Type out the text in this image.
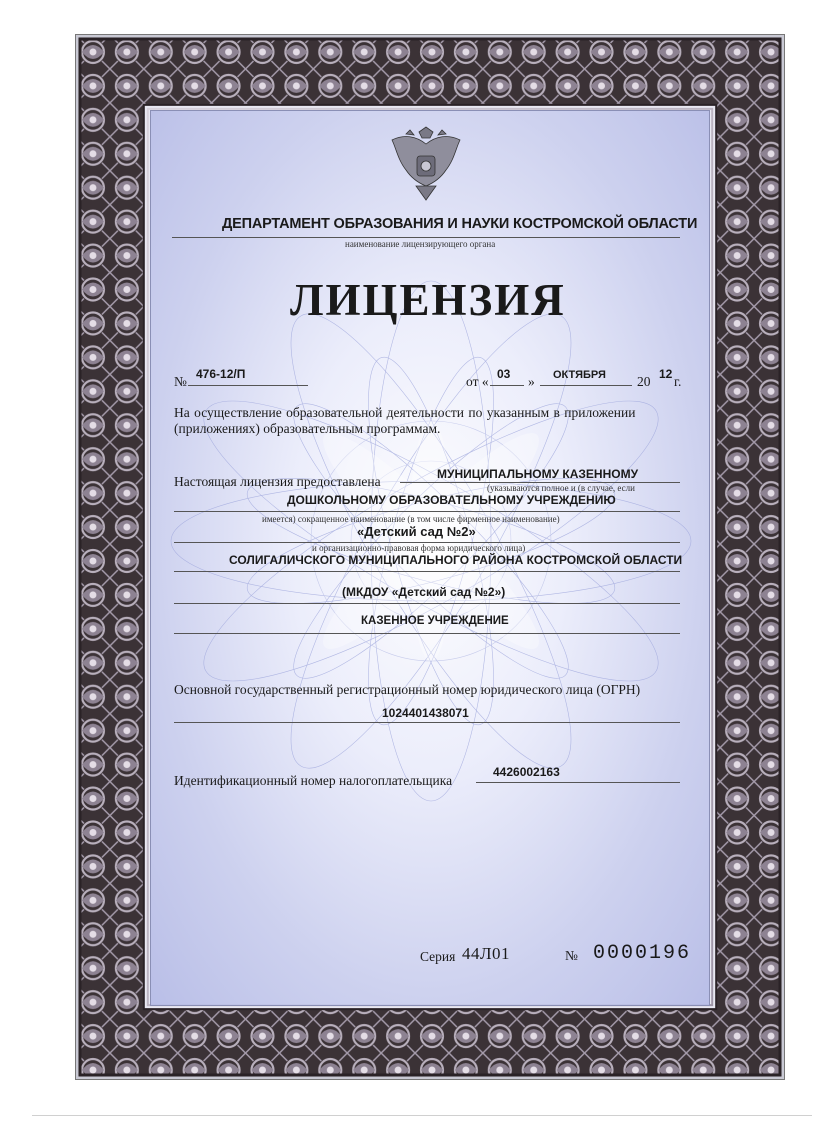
ДЕПАРТАМЕНТ ОБРАЗОВАНИЯ И НАУКИ КОСТРОМСКОЙ ОБЛАСТИ
наименование лицензирующего органа
ЛИЦЕНЗИЯ
№ 476-12/П	от « 03 » ОКТЯБРЯ 20 12 г.
На осуществление образовательной деятельности по указанным в приложении
(приложениях) образовательным программам.
Настоящая лицензия предоставлена	МУНИЦИПАЛЬНОМУ КАЗЕННОМУ
(указываются полное и (в случае, если
ДОШКОЛЬНОМУ ОБРАЗОВАТЕЛЬНОМУ УЧРЕЖДЕНИЮ
имеется) сокращенное наименование (в том числе фирменное наименование)
«Детский сад №2»
и организационно-правовая форма юридического лица)
СОЛИГАЛИЧСКОГО МУНИЦИПАЛЬНОГО РАЙОНА КОСТРОМСКОЙ ОБЛАСТИ
(МКДОУ «Детский сад №2»)
КАЗЕННОЕ УЧРЕЖДЕНИЕ
Основной государственный регистрационный номер юридического лица (ОГРН)
1024401438071
Идентификационный номер налогоплательщика
4426002163
Серия 44Л01	№ 0000196
